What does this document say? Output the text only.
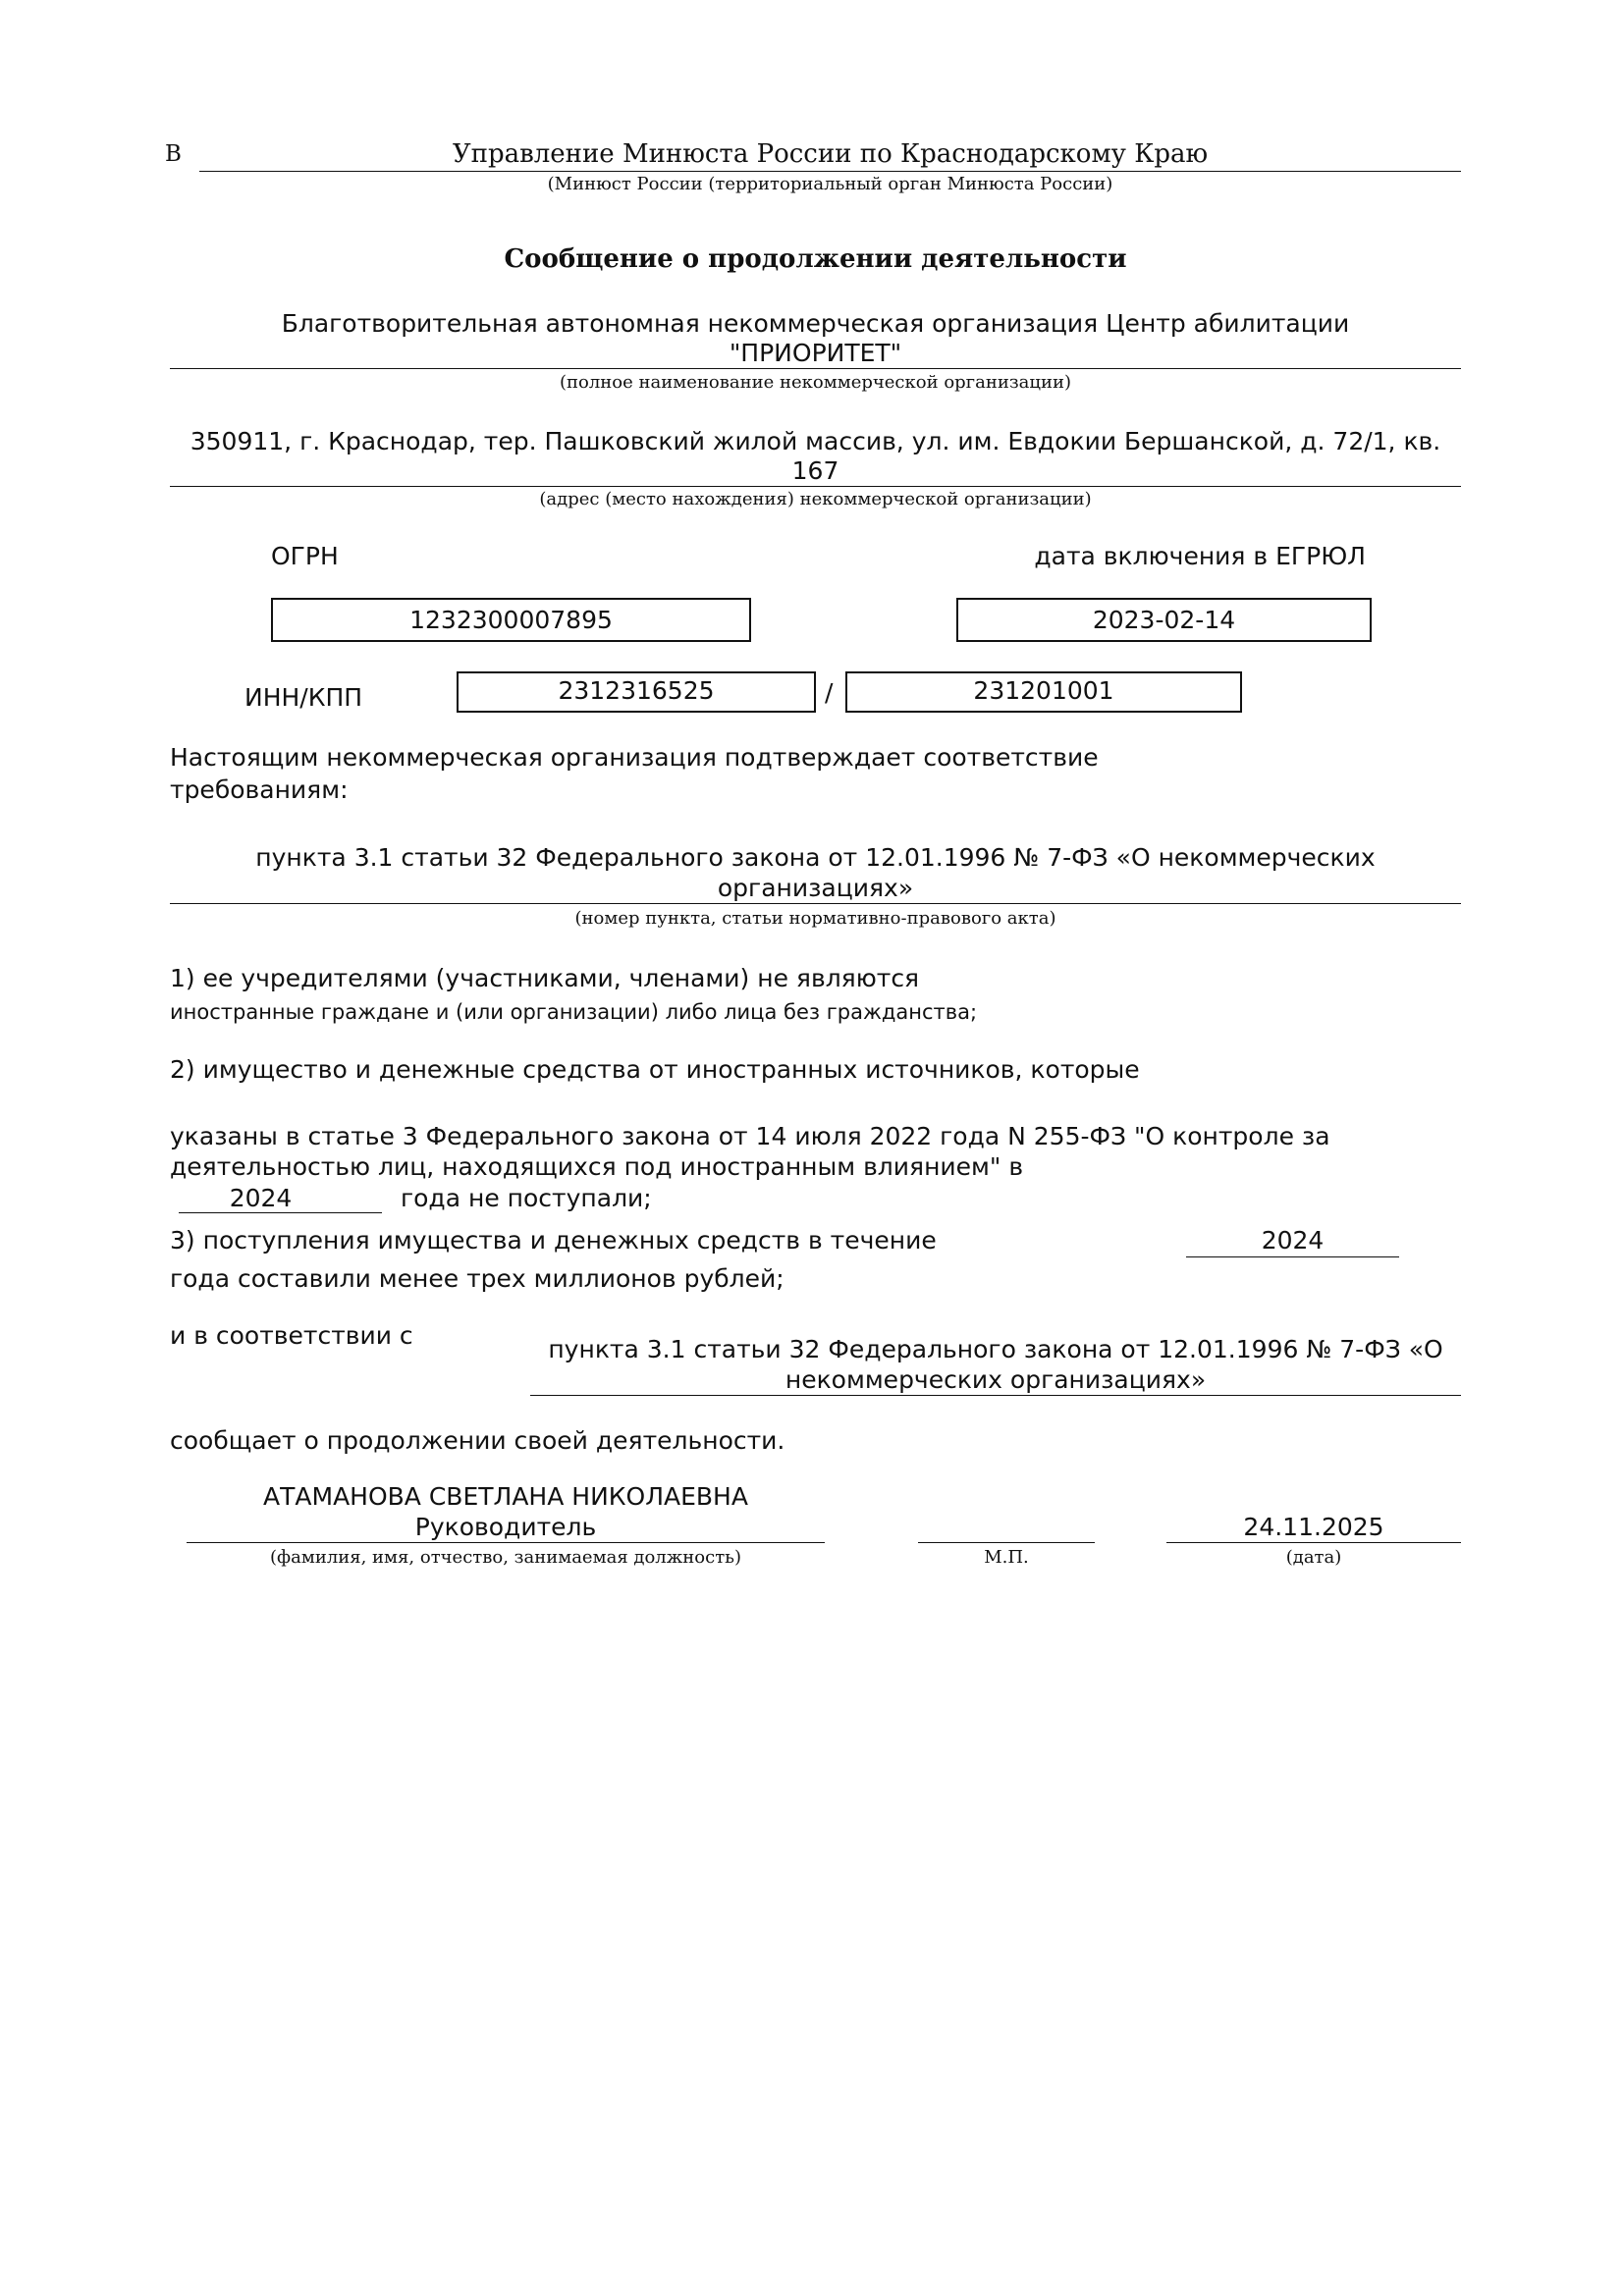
В	Управление Минюста России по Краснодарскому Краю
(Минюст России (территориальный орган Минюста России)
Сообщение о продолжении деятельности
Благотворительная автономная некоммерческая организация Центр абилитации
"ПРИОРИТЕТ"
(полное наименование некоммерческой организации)
350911, г. Краснодар, тер. Пашковский жилой массив, ул. им. Евдокии Бершанской, д. 72/1, кв.
167
(адрес (место нахождения) некоммерческой организации)
ОГРН	дата включения в ЕГРЮЛ
1232300007895	2023-02-14
ИНН/КПП	2312316525	/	231201001
Настоящим некоммерческая организация подтверждает соответствие
требованиям:
пункта 3.1 статьи 32 Федерального закона от 12.01.1996 № 7-ФЗ «О некоммерческих
организациях»
(номер пункта, статьи нормативно-правового акта)
1) ее учредителями (участниками, членами) не являются
иностранные граждане и (или организации) либо лица без гражданства;
2) имущество и денежные средства от иностранных источников, которые
указаны в статье 3 Федерального закона от 14 июля 2022 года N 255-ФЗ "О контроле за
деятельностью лиц, находящихся под иностранным влиянием" в
2024	года не поступали;
3) поступления имущества и денежных средств в течение	2024
года составили менее трех миллионов рублей;
и в соответствии с	пункта 3.1 статьи 32 Федерального закона от 12.01.1996 № 7-ФЗ «О
некоммерческих организациях»
сообщает о продолжении своей деятельности.
АТАМАНОВА СВЕТЛАНА НИКОЛАЕВНА
Руководитель
(фамилия, имя, отчество, занимаемая должность)	М.П.
24.11.2025
(дата)
